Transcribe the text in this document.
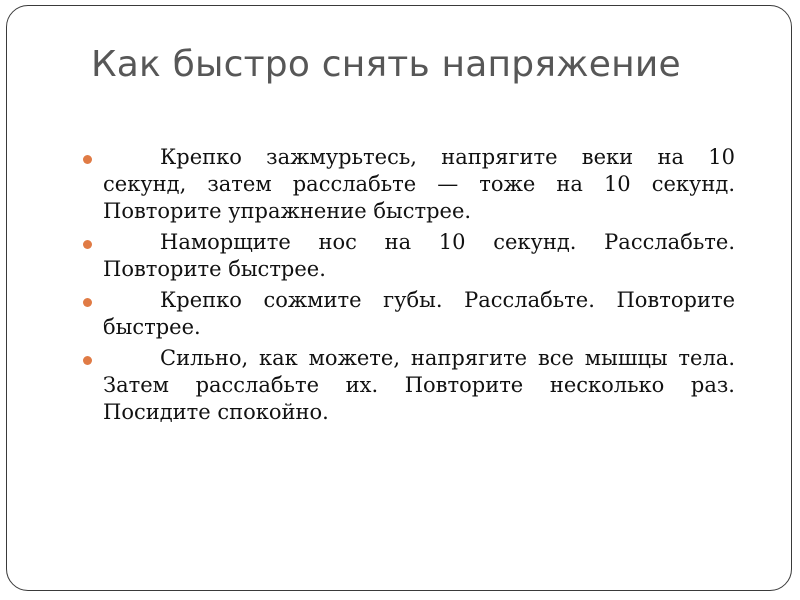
Как быстро снять напряжение
Крепко зажмурьтесь, напрягите веки на 10 секунд, затем расслабьте — тоже на 10 секунд. Повторите упражнение быстрее.
Наморщите нос на 10 секунд. Расслабьте. Повторите быстрее.
Крепко сожмите губы. Расслабьте. Повторите быстрее.
Сильно, как можете, напрягите все мышцы тела. Затем расслабьте их. Повторите несколько раз. Посидите спокойно.
